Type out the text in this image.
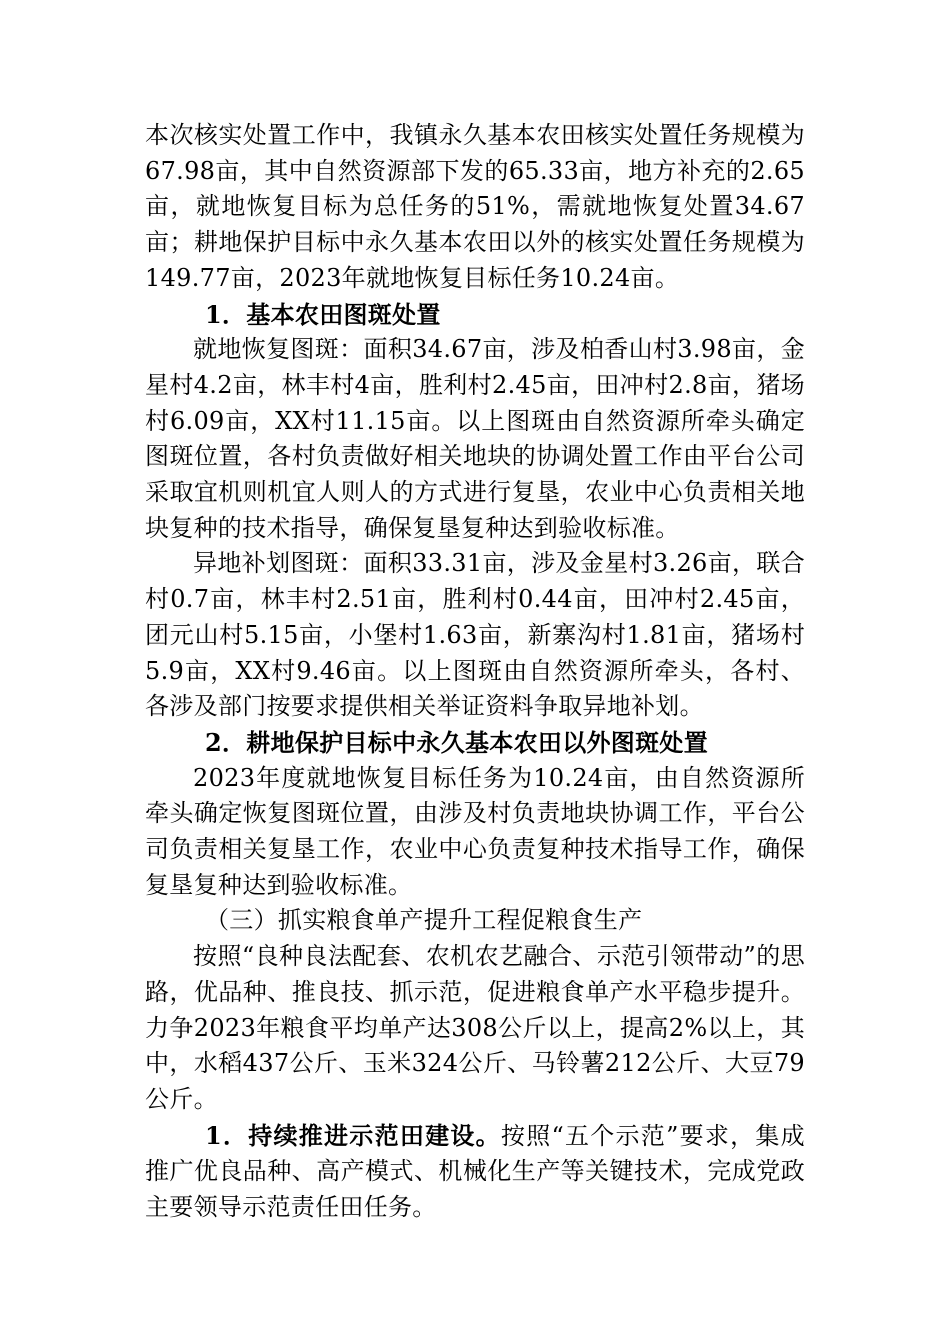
本次核实处置工作中，我镇永久基本农田核实处置任务规模为67.98亩，其中自然资源部下发的65.33亩，地方补充的2.65亩，就地恢复目标为总任务的51%，需就地恢复处置34.67亩；耕地保护目标中永久基本农田以外的核实处置任务规模为149.77亩，2023年就地恢复目标任务10.24亩。

1．基本农田图斑处置

就地恢复图斑：面积34.67亩，涉及柏香山村3.98亩，金星村4.2亩，林丰村4亩，胜利村2.45亩，田冲村2.8亩，猪场村6.09亩，XX村11.15亩。以上图斑由自然资源所牵头确定图斑位置，各村负责做好相关地块的协调处置工作由平台公司采取宜机则机宜人则人的方式进行复垦，农业中心负责相关地块复种的技术指导，确保复垦复种达到验收标准。

异地补划图斑：面积33.31亩，涉及金星村3.26亩，联合村0.7亩，林丰村2.51亩，胜利村0.44亩，田冲村2.45亩，团元山村5.15亩，小堡村1.63亩，新寨沟村1.81亩，猪场村5.9亩，XX村9.46亩。以上图斑由自然资源所牵头，各村、各涉及部门按要求提供相关举证资料争取异地补划。

2．耕地保护目标中永久基本农田以外图斑处置

2023年度就地恢复目标任务为10.24亩，由自然资源所牵头确定恢复图斑位置，由涉及村负责地块协调工作，平台公司负责相关复垦工作，农业中心负责复种技术指导工作，确保复垦复种达到验收标准。

（三）抓实粮食单产提升工程促粮食生产

按照“良种良法配套、农机农艺融合、示范引领带动”的思路，优品种、推良技、抓示范，促进粮食单产水平稳步提升。力争2023年粮食平均单产达308公斤以上，提高2%以上，其中，水稻437公斤、玉米324公斤、马铃薯212公斤、大豆79公斤。

1．持续推进示范田建设。按照“五个示范”要求，集成推广优良品种、高产模式、机械化生产等关键技术，完成党政主要领导示范责任田任务。
